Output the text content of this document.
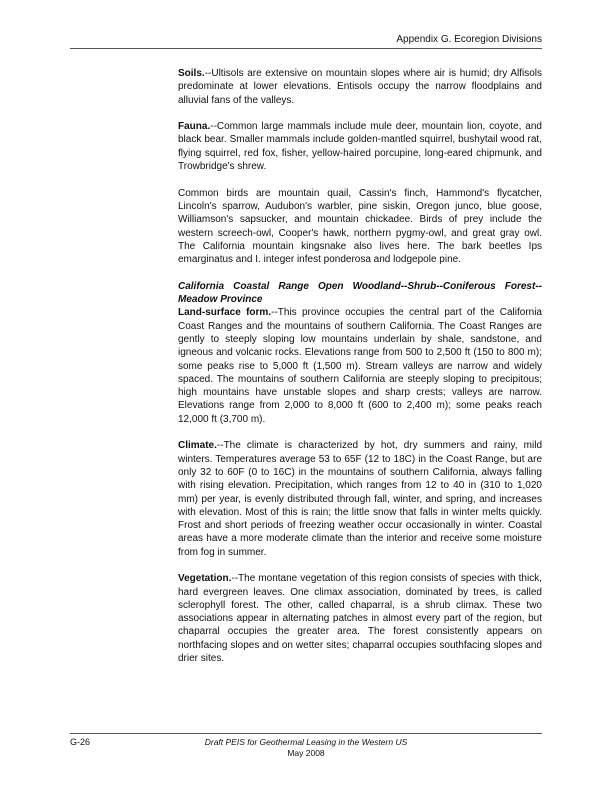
Appendix G. Ecoregion Divisions

Soils.--Ultisols are extensive on mountain slopes where air is humid; dry Alfisols predominate at lower elevations. Entisols occupy the narrow floodplains and alluvial fans of the valleys.

Fauna.--Common large mammals include mule deer, mountain lion, coyote, and black bear. Smaller mammals include golden-mantled squirrel, bushytail wood rat, flying squirrel, red fox, fisher, yellow-haired porcupine, long-eared chipmunk, and Trowbridge's shrew.

Common birds are mountain quail, Cassin's finch, Hammond's flycatcher, Lincoln's sparrow, Audubon's warbler, pine siskin, Oregon junco, blue goose, Williamson's sapsucker, and mountain chickadee. Birds of prey include the western screech-owl, Cooper's hawk, northern pygmy-owl, and great gray owl. The California mountain kingsnake also lives here. The bark beetles Ips emarginatus and I. integer infest ponderosa and lodgepole pine.

California Coastal Range Open Woodland--Shrub--Coniferous Forest--Meadow Province

Land-surface form.--This province occupies the central part of the California Coast Ranges and the mountains of southern California. The Coast Ranges are gently to steeply sloping low mountains underlain by shale, sandstone, and igneous and volcanic rocks. Elevations range from 500 to 2,500 ft (150 to 800 m); some peaks rise to 5,000 ft (1,500 m). Stream valleys are narrow and widely spaced. The mountains of southern California are steeply sloping to precipitous; high mountains have unstable slopes and sharp crests; valleys are narrow. Elevations range from 2,000 to 8,000 ft (600 to 2,400 m); some peaks reach 12,000 ft (3,700 m).

Climate.--The climate is characterized by hot, dry summers and rainy, mild winters. Temperatures average 53 to 65F (12 to 18C) in the Coast Range, but are only 32 to 60F (0 to 16C) in the mountains of southern California, always falling with rising elevation. Precipitation, which ranges from 12 to 40 in (310 to 1,020 mm) per year, is evenly distributed through fall, winter, and spring, and increases with elevation. Most of this is rain; the little snow that falls in winter melts quickly. Frost and short periods of freezing weather occur occasionally in winter. Coastal areas have a more moderate climate than the interior and receive some moisture from fog in summer.

Vegetation.--The montane vegetation of this region consists of species with thick, hard evergreen leaves. One climax association, dominated by trees, is called sclerophyll forest. The other, called chaparral, is a shrub climax. These two associations appear in alternating patches in almost every part of the region, but chaparral occupies the greater area. The forest consistently appears on northfacing slopes and on wetter sites; chaparral occupies southfacing slopes and drier sites.

G-26	Draft PEIS for Geothermal Leasing in the Western US
May 2008
